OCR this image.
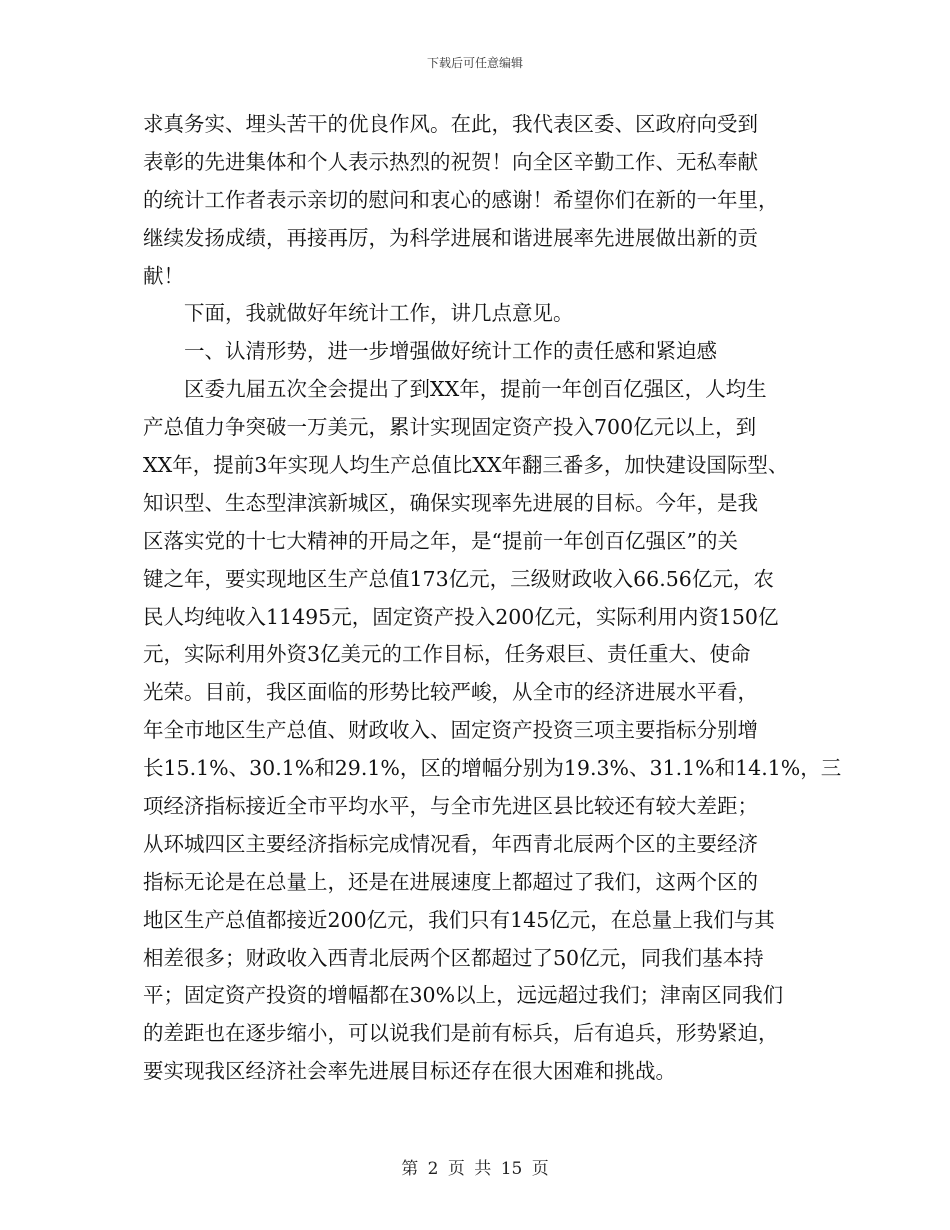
下载后可任意编辑
求真务实、埋头苦干的优良作风。在此，我代表区委、区政府向受到
表彰的先进集体和个人表示热烈的祝贺！向全区辛勤工作、无私奉献
的统计工作者表示亲切的慰问和衷心的感谢！希望你们在新的一年里，
继续发扬成绩，再接再厉，为科学进展和谐进展率先进展做出新的贡
献！
下面，我就做好年统计工作，讲几点意见。
一、认清形势，进一步增强做好统计工作的责任感和紧迫感
区委九届五次全会提出了到XX年，提前一年创百亿强区，人均生
产总值力争突破一万美元，累计实现固定资产投入700亿元以上，到
XX年，提前3年实现人均生产总值比XX年翻三番多，加快建设国际型、
知识型、生态型津滨新城区，确保实现率先进展的目标。今年，是我
区落实党的十七大精神的开局之年，是“提前一年创百亿强区”的关
键之年，要实现地区生产总值173亿元，三级财政收入66.56亿元，农
民人均纯收入11495元，固定资产投入200亿元，实际利用内资150亿
元，实际利用外资3亿美元的工作目标，任务艰巨、责任重大、使命
光荣。目前，我区面临的形势比较严峻，从全市的经济进展水平看，
年全市地区生产总值、财政收入、固定资产投资三项主要指标分别增
长15.1%、30.1%和29.1%，区的增幅分别为19.3%、31.1%和14.1%，三
项经济指标接近全市平均水平，与全市先进区县比较还有较大差距；
从环城四区主要经济指标完成情况看，年西青北辰两个区的主要经济
指标无论是在总量上，还是在进展速度上都超过了我们，这两个区的
地区生产总值都接近200亿元，我们只有145亿元，在总量上我们与其
相差很多；财政收入西青北辰两个区都超过了50亿元，同我们基本持
平；固定资产投资的增幅都在30%以上，远远超过我们；津南区同我们
的差距也在逐步缩小，可以说我们是前有标兵，后有追兵，形势紧迫，
要实现我区经济社会率先进展目标还存在很大困难和挑战。
第 2 页 共 15 页
